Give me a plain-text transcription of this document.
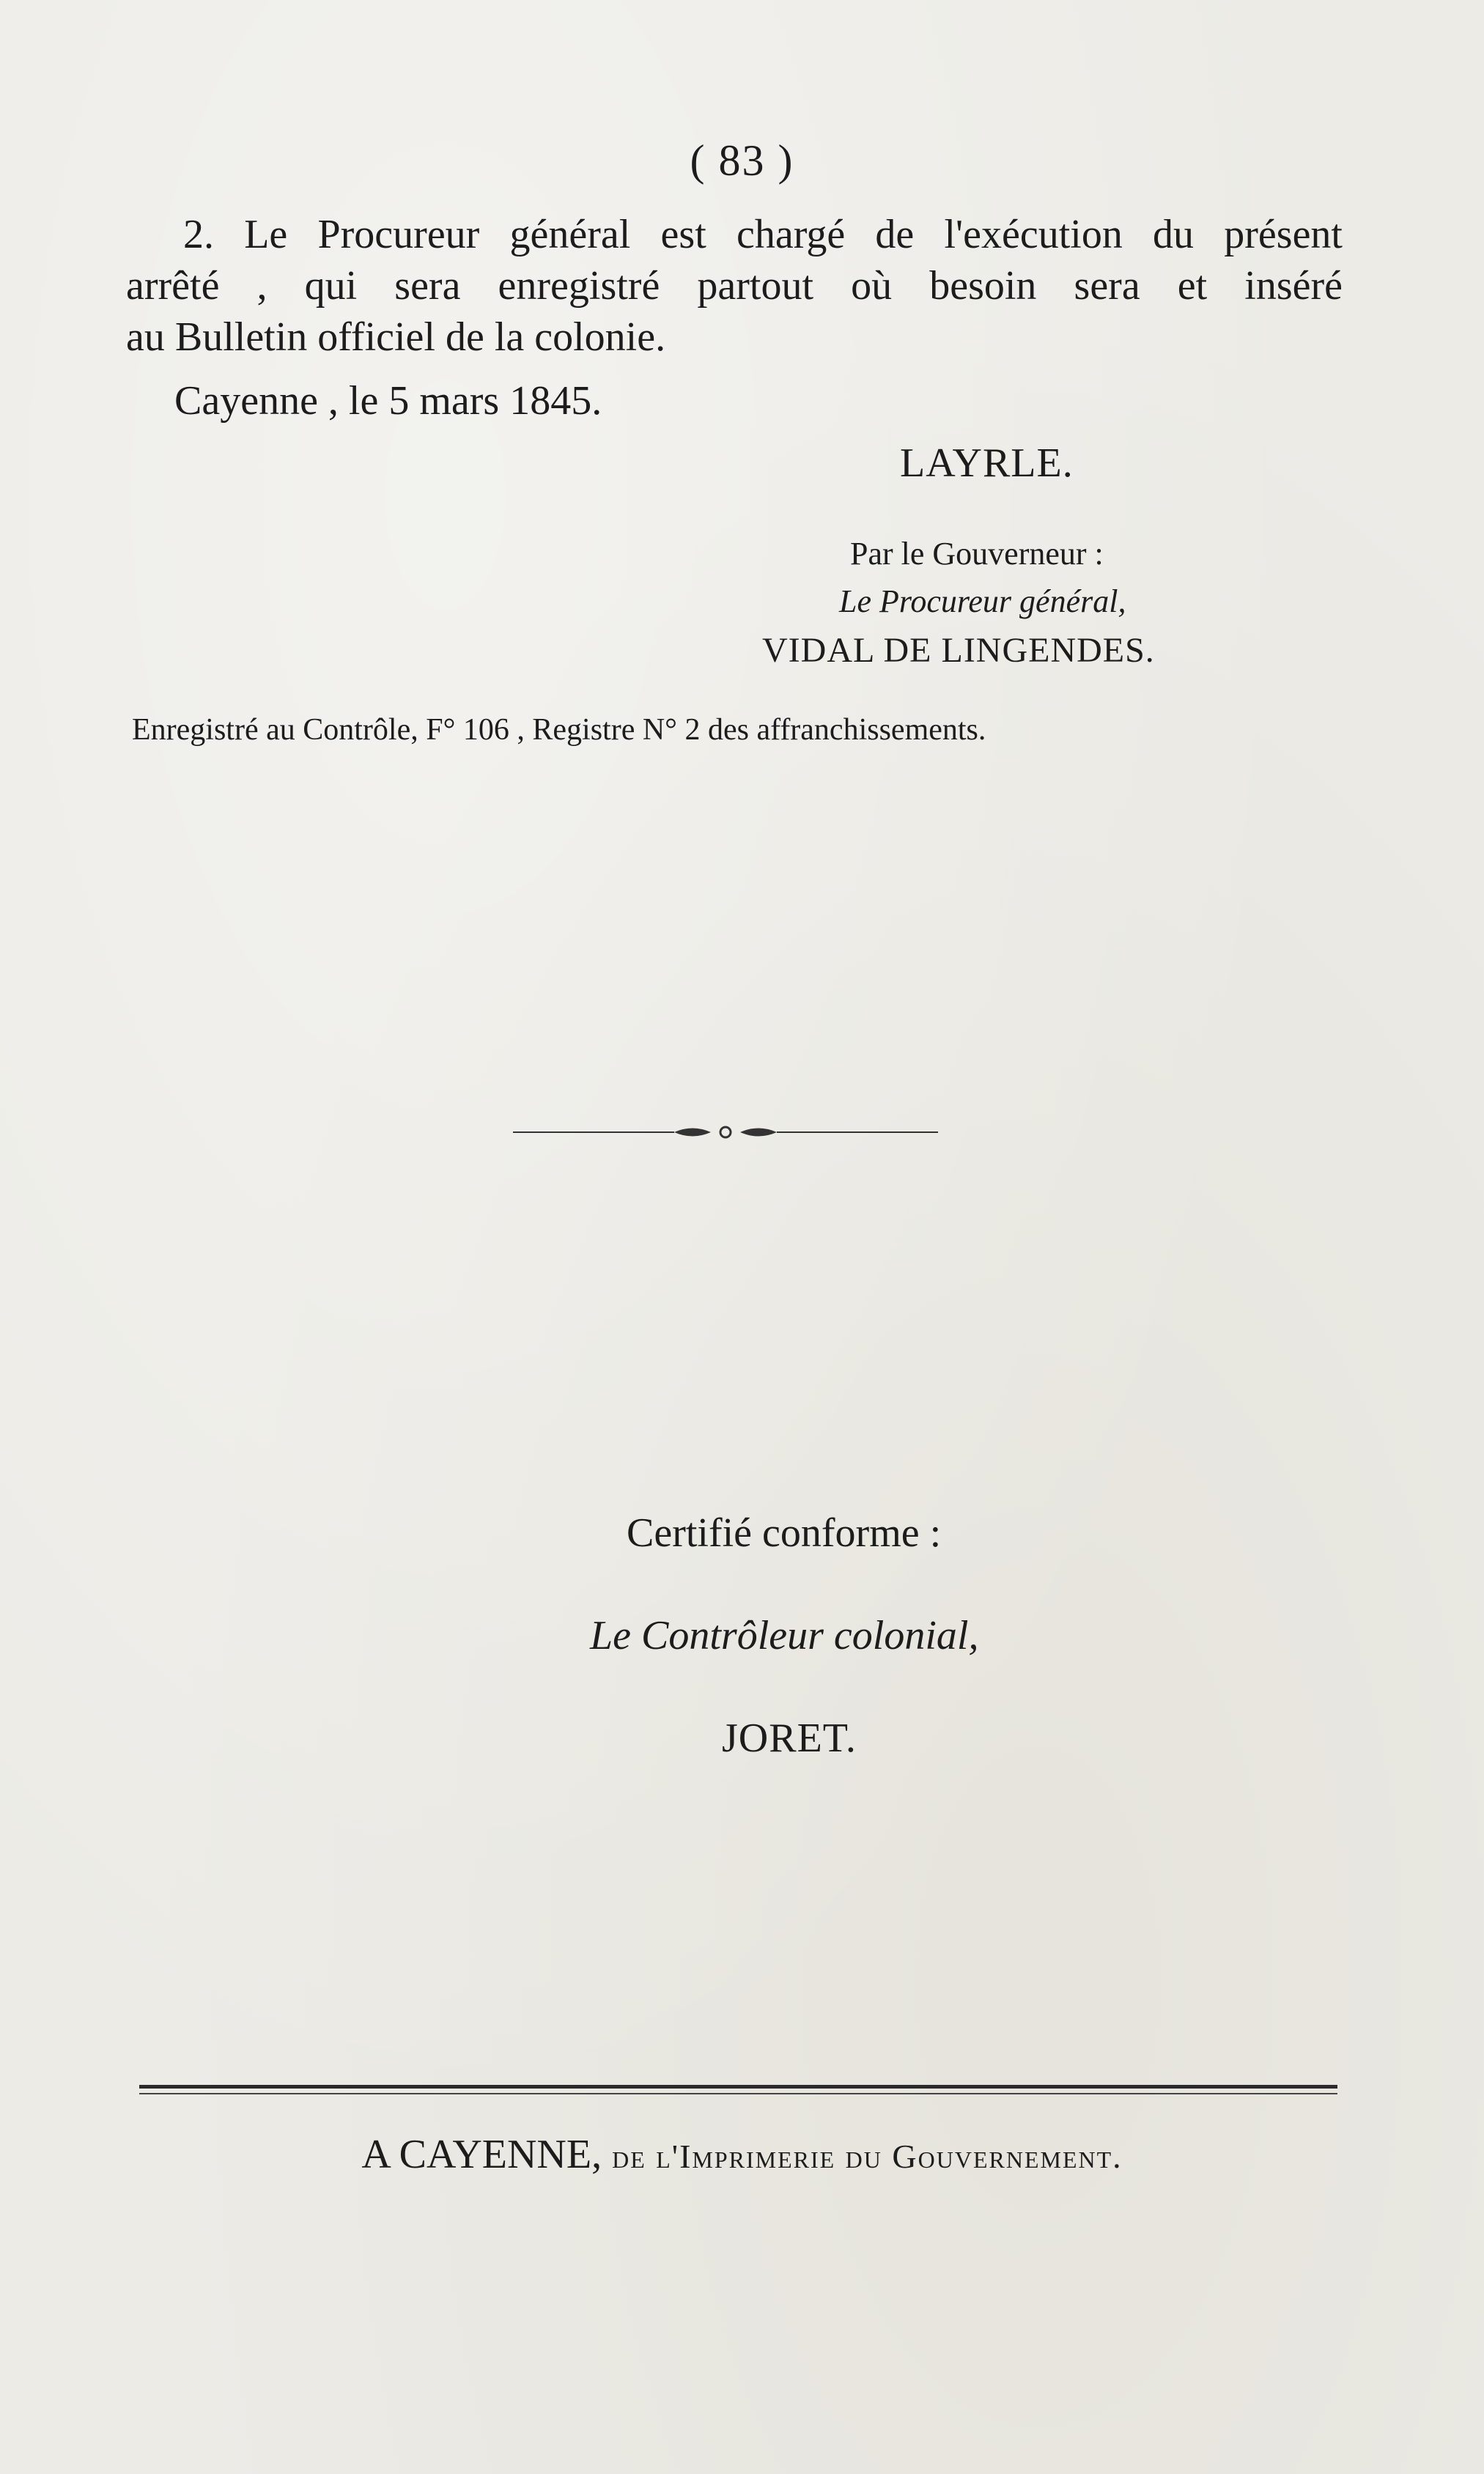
( 83 )
2. Le Procureur général est chargé de l'exécution du présent
arrêté , qui sera enregistré partout où besoin sera et inséré
au Bulletin officiel de la colonie.
Cayenne , le 5 mars 1845.
LAYRLE.
Par le Gouverneur :
Le Procureur général,
VIDAL DE LINGENDES.
Enregistré au Contrôle, F° 106 , Registre N° 2 des affranchissements.
Certifié conforme :
Le Contrôleur colonial,
JORET.
A CAYENNE, de l'Imprimerie du Gouvernement.
